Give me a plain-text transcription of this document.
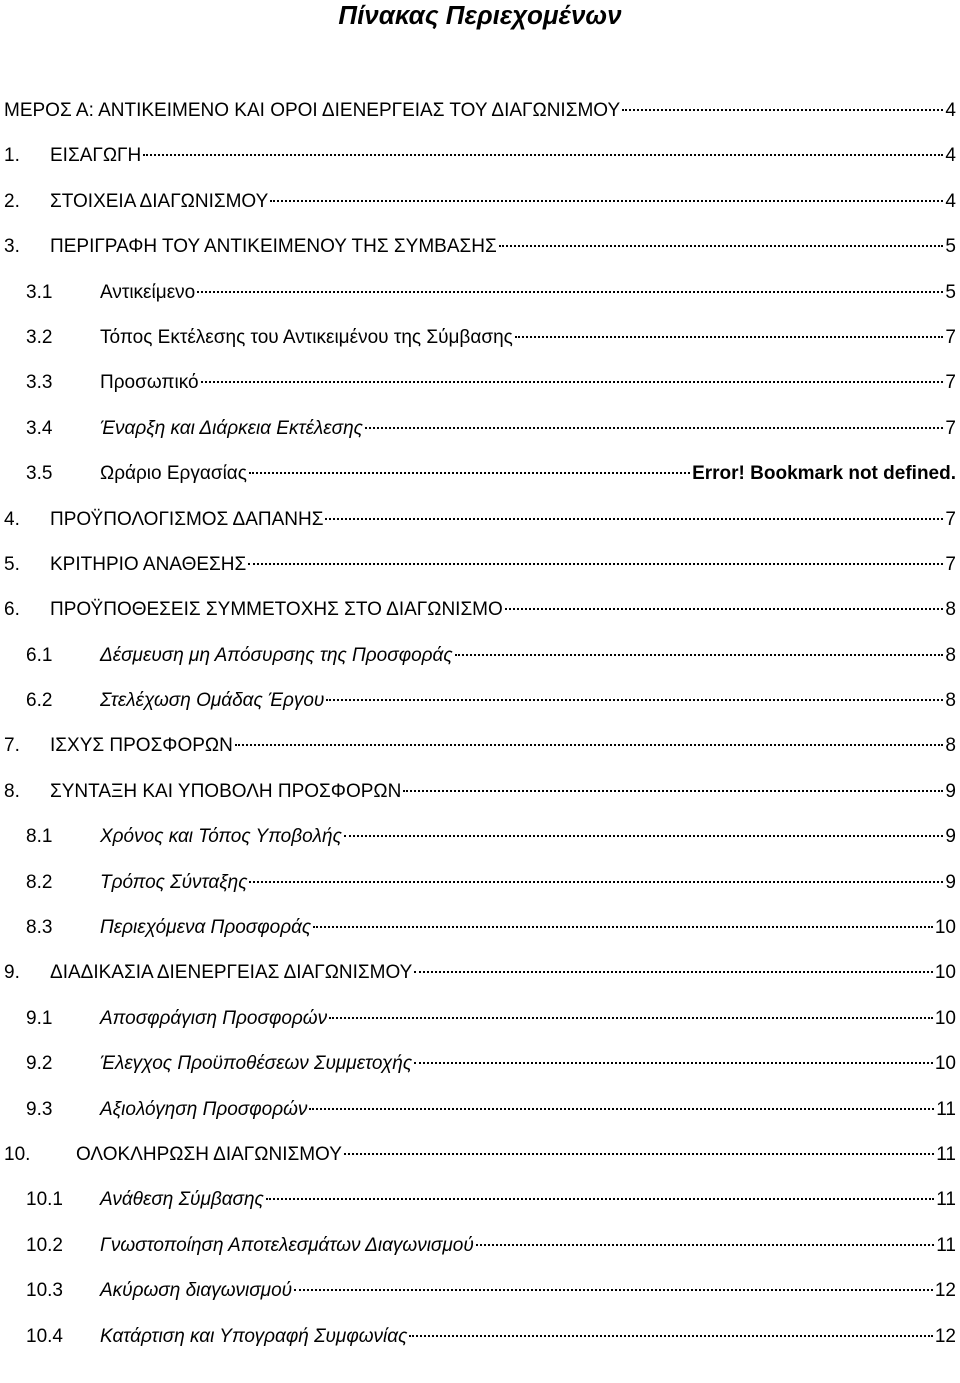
Πίνακας Περιεχομένων
ΜΕΡΟΣ Α: ΑΝΤΙΚΕΙΜΕΝΟ ΚΑΙ ΟΡΟΙ ΔΙΕΝΕΡΓΕΙΑΣ ΤΟΥ ΔΙΑΓΩΝΙΣΜΟΥ	4
1. ΕΙΣΑΓΩΓΗ	4
2. ΣΤΟΙΧΕΙΑ ΔΙΑΓΩΝΙΣΜΟΥ	4
3. ΠΕΡΙΓΡΑΦΗ ΤΟΥ ΑΝΤΙΚΕΙΜΕΝΟΥ ΤΗΣ ΣΥΜΒΑΣΗΣ	5
3.1	Αντικείμενο	5
3.2	Τόπος Εκτέλεσης του Αντικειμένου της Σύμβασης	7
3.3	Προσωπικό	7
3.4	Έναρξη και Διάρκεια Εκτέλεσης	7
3.5	Ωράριο Εργασίας	Error! Bookmark not defined.
4. ΠΡΟΫΠΟΛΟΓΙΣΜΟΣ ΔΑΠΑΝΗΣ	7
5. ΚΡΙΤΗΡΙΟ ΑΝΑΘΕΣΗΣ	7
6. ΠΡΟΫΠΟΘΕΣΕΙΣ ΣΥΜΜΕΤΟΧΗΣ ΣΤΟ ΔΙΑΓΩΝΙΣΜΟ	8
6.1	Δέσμευση μη Απόσυρσης της Προσφοράς	8
6.2	Στελέχωση Ομάδας Έργου	8
7. ΙΣΧΥΣ ΠΡΟΣΦΟΡΩΝ	8
8. ΣΥΝΤΑΞΗ ΚΑΙ ΥΠΟΒΟΛΗ ΠΡΟΣΦΟΡΩΝ	9
8.1	Χρόνος και Τόπος Υποβολής	9
8.2	Τρόπος Σύνταξης	9
8.3	Περιεχόμενα Προσφοράς	10
9. ΔΙΑΔΙΚΑΣΙΑ ΔΙΕΝΕΡΓΕΙΑΣ ΔΙΑΓΩΝΙΣΜΟΥ	10
9.1	Αποσφράγιση Προσφορών	10
9.2	Έλεγχος Προϋποθέσεων Συμμετοχής	10
9.3	Αξιολόγηση Προσφορών	11
10. ΟΛΟΚΛΗΡΩΣΗ ΔΙΑΓΩΝΙΣΜΟΥ	11
10.1 Ανάθεση Σύμβασης	11
10.2 Γνωστοποίηση Αποτελεσμάτων Διαγωνισμού	11
10.3 Ακύρωση διαγωνισμού	12
10.4 Κατάρτιση και Υπογραφή Συμφωνίας	12
